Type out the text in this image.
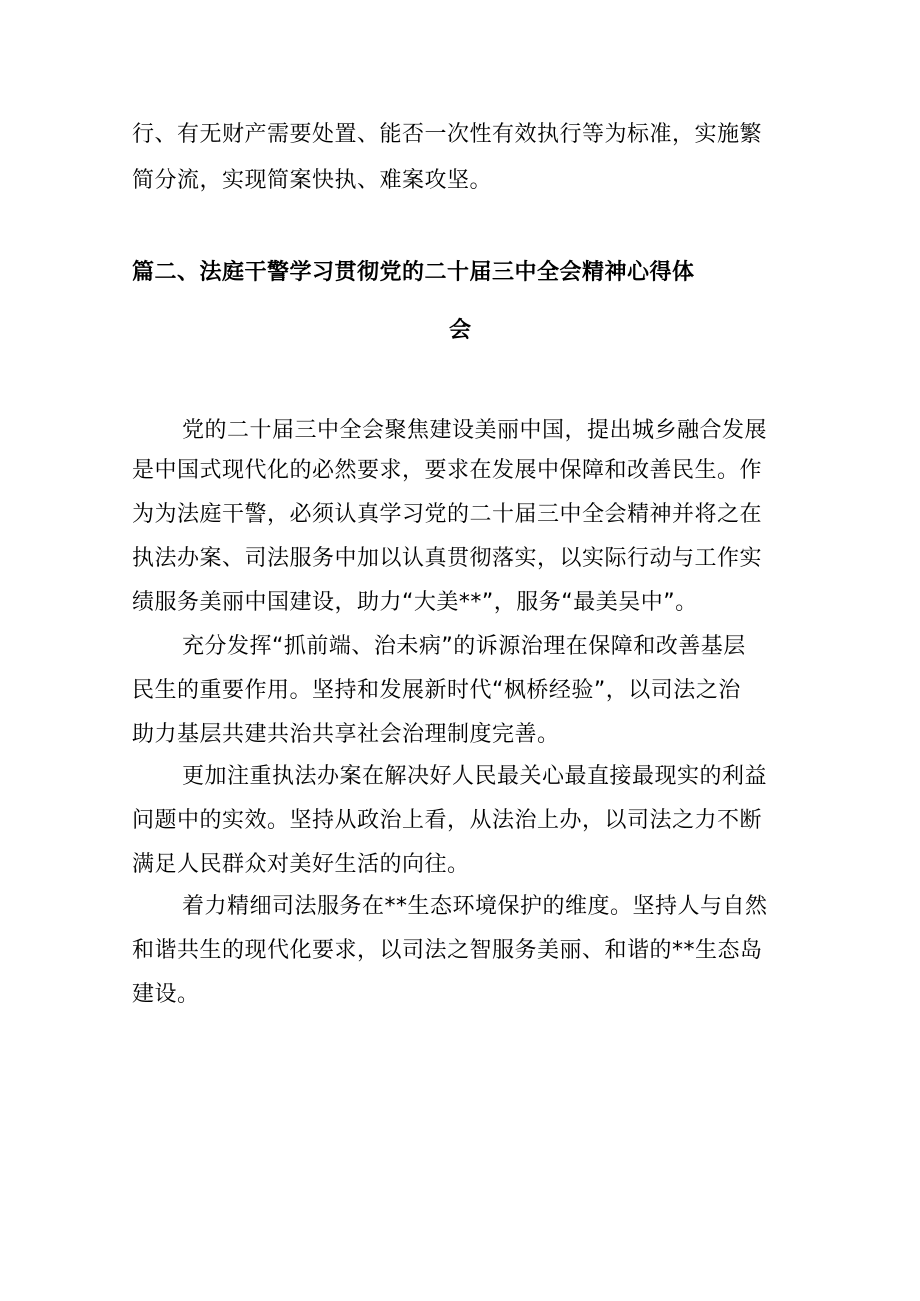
行、有无财产需要处置、能否一次性有效执行等为标准，实施繁

简分流，实现简案快执、难案攻坚。

篇二、法庭干警学习贯彻党的二十届三中全会精神心得体

会

党的二十届三中全会聚焦建设美丽中国，提出城乡融合发展

是中国式现代化的必然要求，要求在发展中保障和改善民生。作

为为法庭干警，必须认真学习党的二十届三中全会精神并将之在

执法办案、司法服务中加以认真贯彻落实，以实际行动与工作实

绩服务美丽中国建设，助力“大美**”，服务“最美吴中”。

充分发挥“抓前端、治未病”的诉源治理在保障和改善基层

民生的重要作用。坚持和发展新时代“枫桥经验”，以司法之治

助力基层共建共治共享社会治理制度完善。

更加注重执法办案在解决好人民最关心最直接最现实的利益

问题中的实效。坚持从政治上看，从法治上办，以司法之力不断

满足人民群众对美好生活的向往。

着力精细司法服务在**生态环境保护的维度。坚持人与自然

和谐共生的现代化要求，以司法之智服务美丽、和谐的**生态岛

建设。
